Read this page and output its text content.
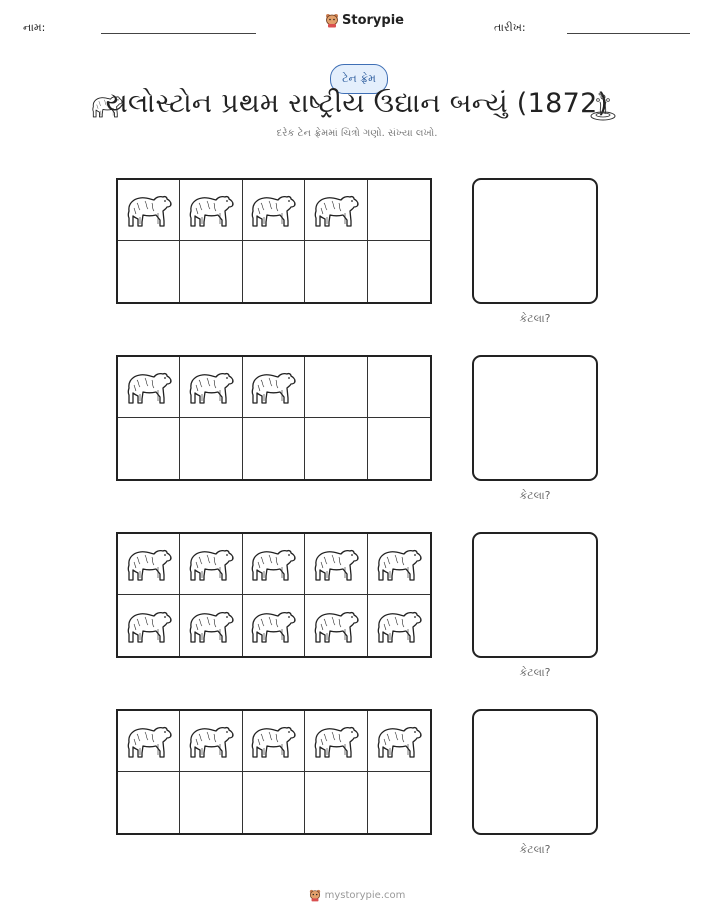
નામ:	Storypie	તારીખ:
ટેન ફ્રેમ
યલોસ્ટોન પ્રથમ રાષ્ટ્રીય ઉદ્યાન બન્યું (1872)
દરેક ટેન ફ્રેમમાં ચિત્રો ગણો. સંખ્યા લખો.
કેટલા?
કેટલા?
કેટલા?
કેટલા?
mystorypie.com
